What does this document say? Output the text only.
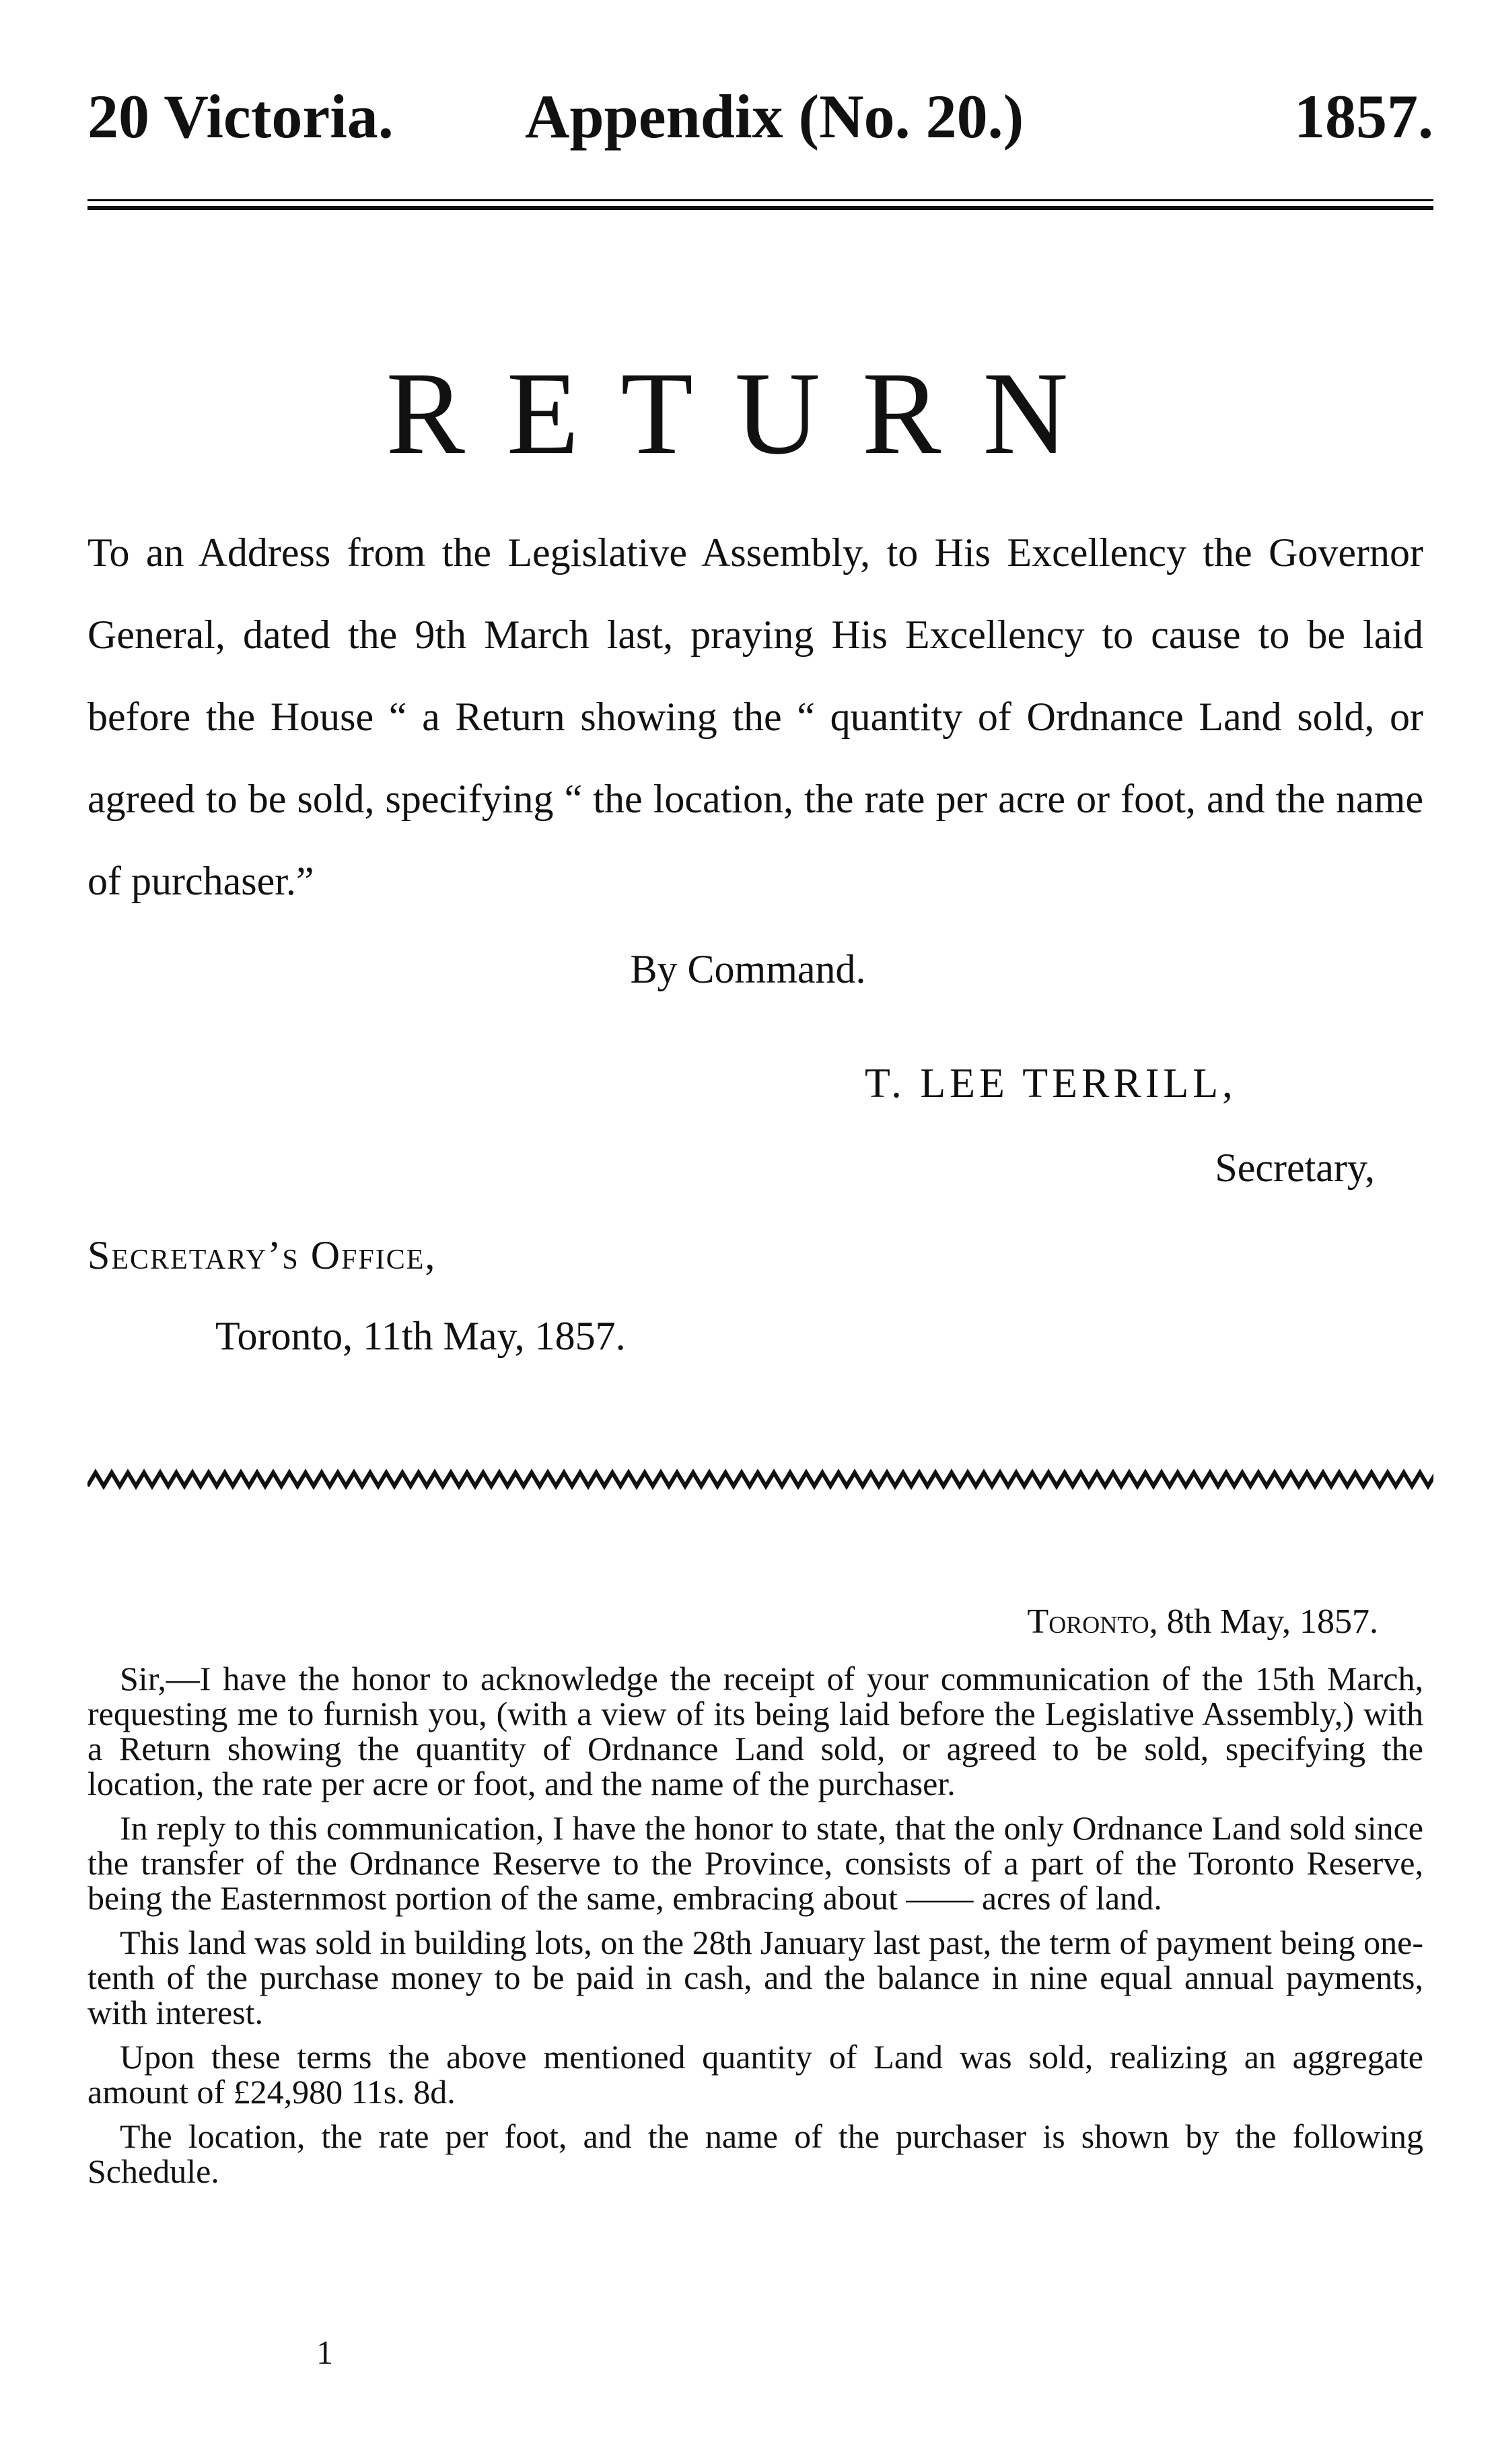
20 Victoria. Appendix (No. 20.)	1857.
RETURN
To an Address from the Legislative Assembly, to His Excellency the Governor General, dated the 9th March last, praying His Excellency to cause to be laid before the House “ a Return showing the “ quantity of Ordnance Land sold, or agreed to be sold, specifying “ the location, the rate per acre or foot, and the name of purchaser.”
By Command.
T. LEE TERRILL,
Secretary,
Secretary’s Office,
Toronto, 11th May, 1857.
Toronto, 8th May, 1857.

Sir,—I have the honor to acknowledge the receipt of your communication of the 15th March, requesting me to furnish you, (with a view of its being laid before the Legislative Assembly,) with a Return showing the quantity of Ordnance Land sold, or agreed to be sold, specifying the location, the rate per acre or foot, and the name of the purchaser.

In reply to this communication, I have the honor to state, that the only Ordnance Land sold since the transfer of the Ordnance Reserve to the Province, consists of a part of the Toronto Reserve, being the Easternmost portion of the same, embracing about —— acres of land.

This land was sold in building lots, on the 28th January last past, the term of payment being one-tenth of the purchase money to be paid in cash, and the balance in nine equal annual payments, with interest.

Upon these terms the above mentioned quantity of Land was sold, realizing an aggregate amount of £24,980 11s. 8d.

The location, the rate per foot, and the name of the purchaser is shown by the following Schedule.

1
